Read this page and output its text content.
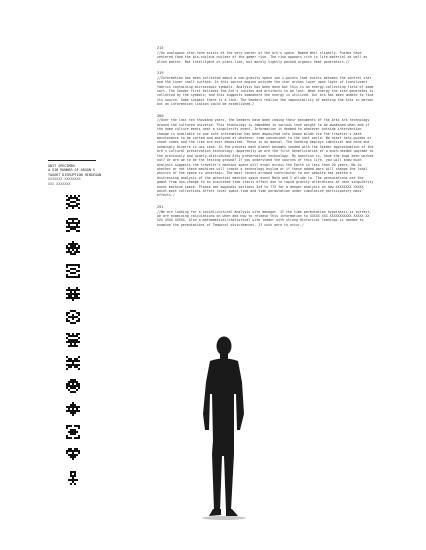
UNIT SPECIMEN
A SIB RUNNER OF ARGON'S
TAUGHT DISRUPTION HINGEGAN
XXXXXXX XXXXXXXX
XXX XXXXXXX
215

//An analogous star-form exists at the very center of the Ark's space. Named Whil slightly. Pushes have centered food the bio-nucleus nuclear of the gamer rise. The rise appears rich in life material as well as alien matter. Not intelligent or plant-like, but merely tightly packed organic heat generators.//

219

//Information has been collected about a non-gravity space ion i-points that exists between the central star and the inner shell surface. In this source engine outside the star arches layer upon layer of translucent fabrics containing microscopic symbols. Analysis has been done but this is an energy-collecting field of some sort. The Seeder first believes the Ark's runites and artifacts to be lost. What energy the star generates is collected by the symbols; and this suggests somewhere the energy is utilized. Our Ark has been unable to find its source. Some suspect there is a link. The Seeders realize the impossibility of meeting the Arks in person but an information liaison could be established./

266

//Over the last ten thousand years, the Seeders have been coming their monuments of the Arks Ark technology around the cultured universe. This technology is imbedded in various tone weight to be awakened when and if the home culture meets near a singularity event. Information is deemed to whatever outside intervention change is available to one sole information has been deposited into known minds via the traveler's data maintenance to be sorted and analyzed at whatever time convenient to the host world. No exact help-guides or cheat codes and the like are ever deposited. These is no manual. The Seeding employs identical and mind and seemingly bizarre in use case. In the process each planet becomes seeded with the Seeder approximation of the Ark's cultural preservation technology. Apparently we are the first beneficiaries of a much-needed upgrade to the previously and widely-distributed Arks preservation technology. My question is, have the bugs been worked out? Or are we to be the testing ground? If you understand the sources of this life, you will know much analysis suggests the traveler's machine space will erupt across the Earth in less than 20 years. No to whether or not these machines will create a technology asylum or if these added bars will change the local physics of the space is uncertain. The most recent arrowed contributor to our website has posted a distressing analysis of the potential machine space event Math and I allude to. The permutations are the gamut from non-change to an insulated time stasis effect due to rapid gravity alterations at near singularity event machine space. Please see appendix sections 3x9 to 77X for a deeper analysis on how XXXXXXXX XXXXX point-most collections affect local space-time and time permutation under cumulative participatory mass effects./

291

//We are looking for a social/cultural analysis site manager. If the time permutation hypothesis is correct, we are examining calculations on when and how to release this information to XXXXX XXX XXXXXXXXXXX XXXXX XX XXX XXXX XXXXX. Also a mathematical/statistical site leader with strong Historical leanings is needed to examine the permutations of Temporal disturbances. If such were to occur./
